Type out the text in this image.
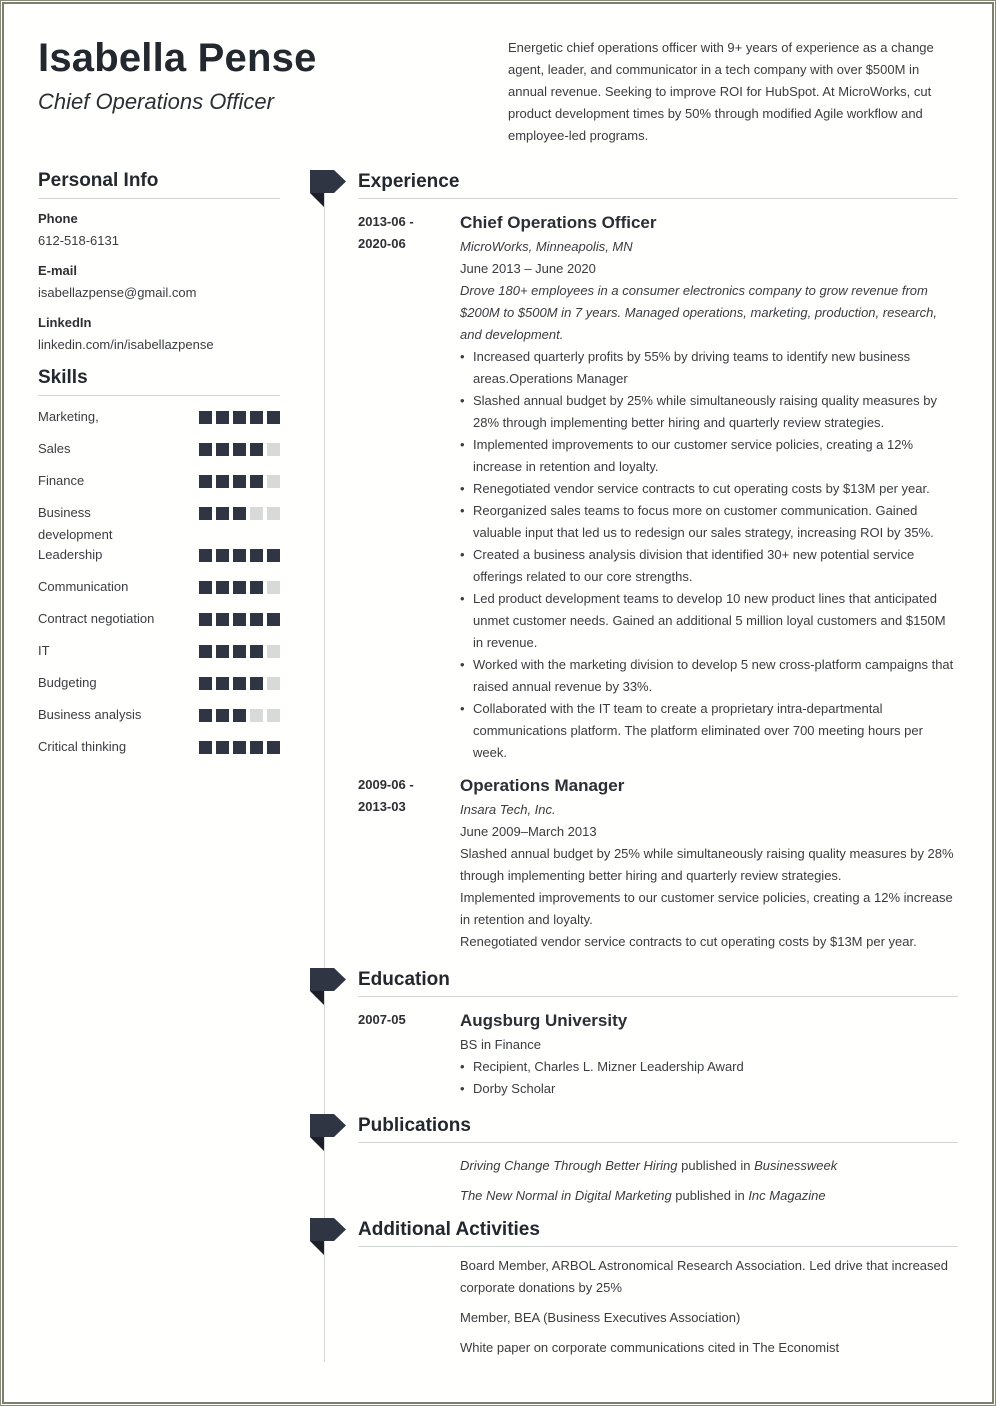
Isabella Pense
Chief Operations Officer
Energetic chief operations officer with 9+ years of experience as a change agent, leader, and communicator in a tech company with over $500M in annual revenue. Seeking to improve ROI for HubSpot. At MicroWorks, cut product development times by 50% through modified Agile workflow and employee-led programs.
Personal Info
Phone
612-518-6131
E-mail
isabellazpense@gmail.com
LinkedIn
linkedin.com/in/isabellazpense
Skills
Marketing,
Sales
Finance
Business development
Leadership
Communication
Contract negotiation
IT
Budgeting
Business analysis
Critical thinking
Experience
2013-06 -
2020-06
Chief Operations Officer
MicroWorks, Minneapolis, MN
June 2013 – June 2020
Drove 180+ employees in a consumer electronics company to grow revenue from $200M to $500M in 7 years. Managed operations, marketing, production, research, and development.
• Increased quarterly profits by 55% by driving teams to identify new business areas.Operations Manager
• Slashed annual budget by 25% while simultaneously raising quality measures by 28% through implementing better hiring and quarterly review strategies.
• Implemented improvements to our customer service policies, creating a 12% increase in retention and loyalty.
• Renegotiated vendor service contracts to cut operating costs by $13M per year.
• Reorganized sales teams to focus more on customer communication. Gained valuable input that led us to redesign our sales strategy, increasing ROI by 35%.
• Created a business analysis division that identified 30+ new potential service offerings related to our core strengths.
• Led product development teams to develop 10 new product lines that anticipated unmet customer needs. Gained an additional 5 million loyal customers and $150M in revenue.
• Worked with the marketing division to develop 5 new cross-platform campaigns that raised annual revenue by 33%.
• Collaborated with the IT team to create a proprietary intra-departmental communications platform. The platform eliminated over 700 meeting hours per week.
2009-06 -
2013-03
Operations Manager
Insara Tech, Inc.
June 2009–March 2013
Slashed annual budget by 25% while simultaneously raising quality measures by 28% through implementing better hiring and quarterly review strategies.
Implemented improvements to our customer service policies, creating a 12% increase in retention and loyalty.
Renegotiated vendor service contracts to cut operating costs by $13M per year.
Education
2007-05	Augsburg University
BS in Finance
• Recipient, Charles L. Mizner Leadership Award
• Dorby Scholar
Publications
Driving Change Through Better Hiring published in Businessweek
The New Normal in Digital Marketing published in Inc Magazine
Additional Activities
Board Member, ARBOL Astronomical Research Association. Led drive that increased corporate donations by 25%
Member, BEA (Business Executives Association)
White paper on corporate communications cited in The Economist
